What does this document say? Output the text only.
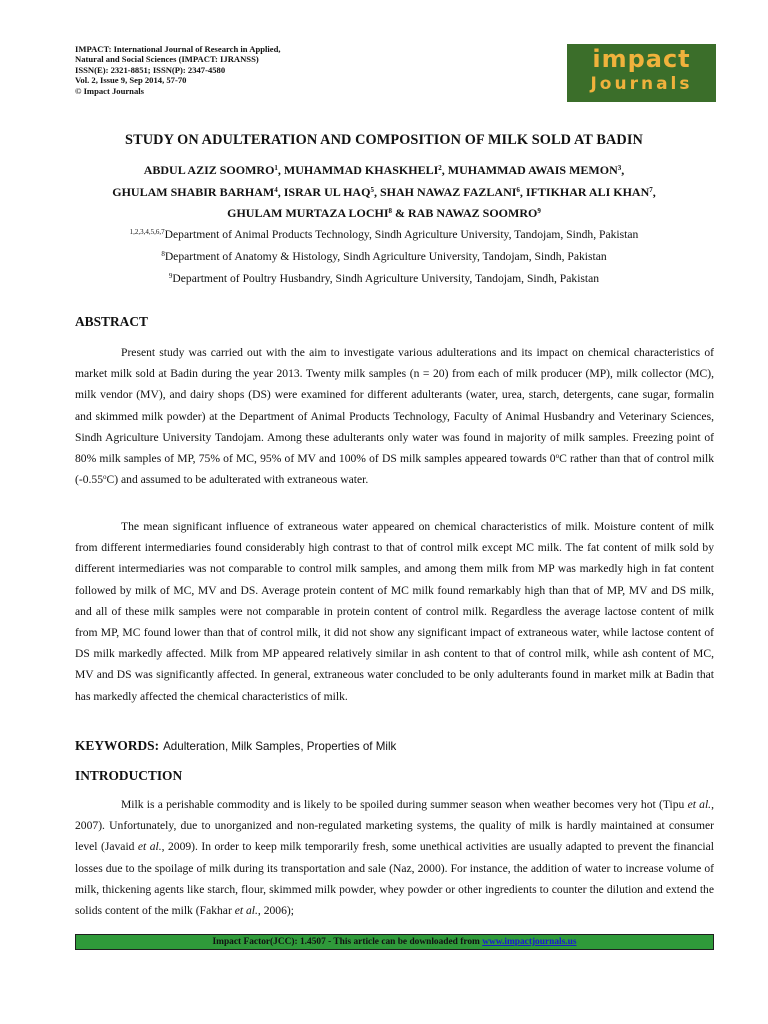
IMPACT: International Journal of Research in Applied,
Natural and Social Sciences (IMPACT: IJRANSS)
ISSN(E): 2321-8851; ISSN(P): 2347-4580
Vol. 2, Issue 9, Sep 2014, 57-70
© Impact Journals
impact
Journals
STUDY ON ADULTERATION AND COMPOSITION OF MILK SOLD AT BADIN
ABDUL AZIZ SOOMRO$^1$, MUHAMMAD KHASKHELI$^2$, MUHAMMAD AWAIS MEMON$^3$,
GHULAM SHABIR BARHAM$^4$, ISRAR UL HAQ$^5$, SHAH NAWAZ FAZLANI$^6$, IFTIKHAR ALI KHAN$^7$,
GHULAM MURTAZA LOCHI$^8$ & RAB NAWAZ SOOMRO$^9$
$^{1,2,3,4,5,6,7}$Department of Animal Products Technology, Sindh Agriculture University, Tandojam, Sindh, Pakistan
$^8$Department of Anatomy & Histology, Sindh Agriculture University, Tandojam, Sindh, Pakistan
$^9$Department of Poultry Husbandry, Sindh Agriculture University, Tandojam, Sindh, Pakistan
ABSTRACT
Present study was carried out with the aim to investigate various adulterations and its impact on chemical characteristics of market milk sold at Badin during the year 2013. Twenty milk samples (n = 20) from each of milk producer (MP), milk collector (MC), milk vendor (MV), and dairy shops (DS) were examined for different adulterants (water, urea, starch, detergents, cane sugar, formalin and skimmed milk powder) at the Department of Animal Products Technology, Faculty of Animal Husbandry and Veterinary Sciences, Sindh Agriculture University Tandojam. Among these adulterants only water was found in majority of milk samples. Freezing point of 80% milk samples of MP, 75% of MC, 95% of MV and 100% of DS milk samples appeared towards 0$^o$C rather than that of control milk (-0.55$^o$C) and assumed to be adulterated with extraneous water.
The mean significant influence of extraneous water appeared on chemical characteristics of milk. Moisture content of milk from different intermediaries found considerably high contrast to that of control milk except MC milk. The fat content of milk sold by different intermediaries was not comparable to control milk samples, and among them milk from MP was markedly high in fat content followed by milk of MC, MV and DS. Average protein content of MC milk found remarkably high than that of MP, MV and DS milk, and all of these milk samples were not comparable in protein content of control milk. Regardless the average lactose content of milk from MP, MC found lower than that of control milk, it did not show any significant impact of extraneous water, while lactose content of DS milk markedly affected. Milk from MP appeared relatively similar in ash content to that of control milk, while ash content of MC, MV and DS was significantly affected. In general, extraneous water concluded to be only adulterants found in market milk at Badin that has markedly affected the chemical characteristics of milk.
KEYWORDS: Adulteration, Milk Samples, Properties of Milk
INTRODUCTION
Milk is a perishable commodity and is likely to be spoiled during summer season when weather becomes very hot (Tipu et al., 2007). Unfortunately, due to unorganized and non-regulated marketing systems, the quality of milk is hardly maintained at consumer level (Javaid et al., 2009). In order to keep milk temporarily fresh, some unethical activities are usually adapted to prevent the financial losses due to the spoilage of milk during its transportation and sale (Naz, 2000). For instance, the addition of water to increase volume of milk, thickening agents like starch, flour, skimmed milk powder, whey powder or other ingredients to counter the dilution and extend the solids content of the milk (Fakhar et al., 2006);
Impact Factor(JCC): 1.4507 - This article can be downloaded from www.impactjournals.us
